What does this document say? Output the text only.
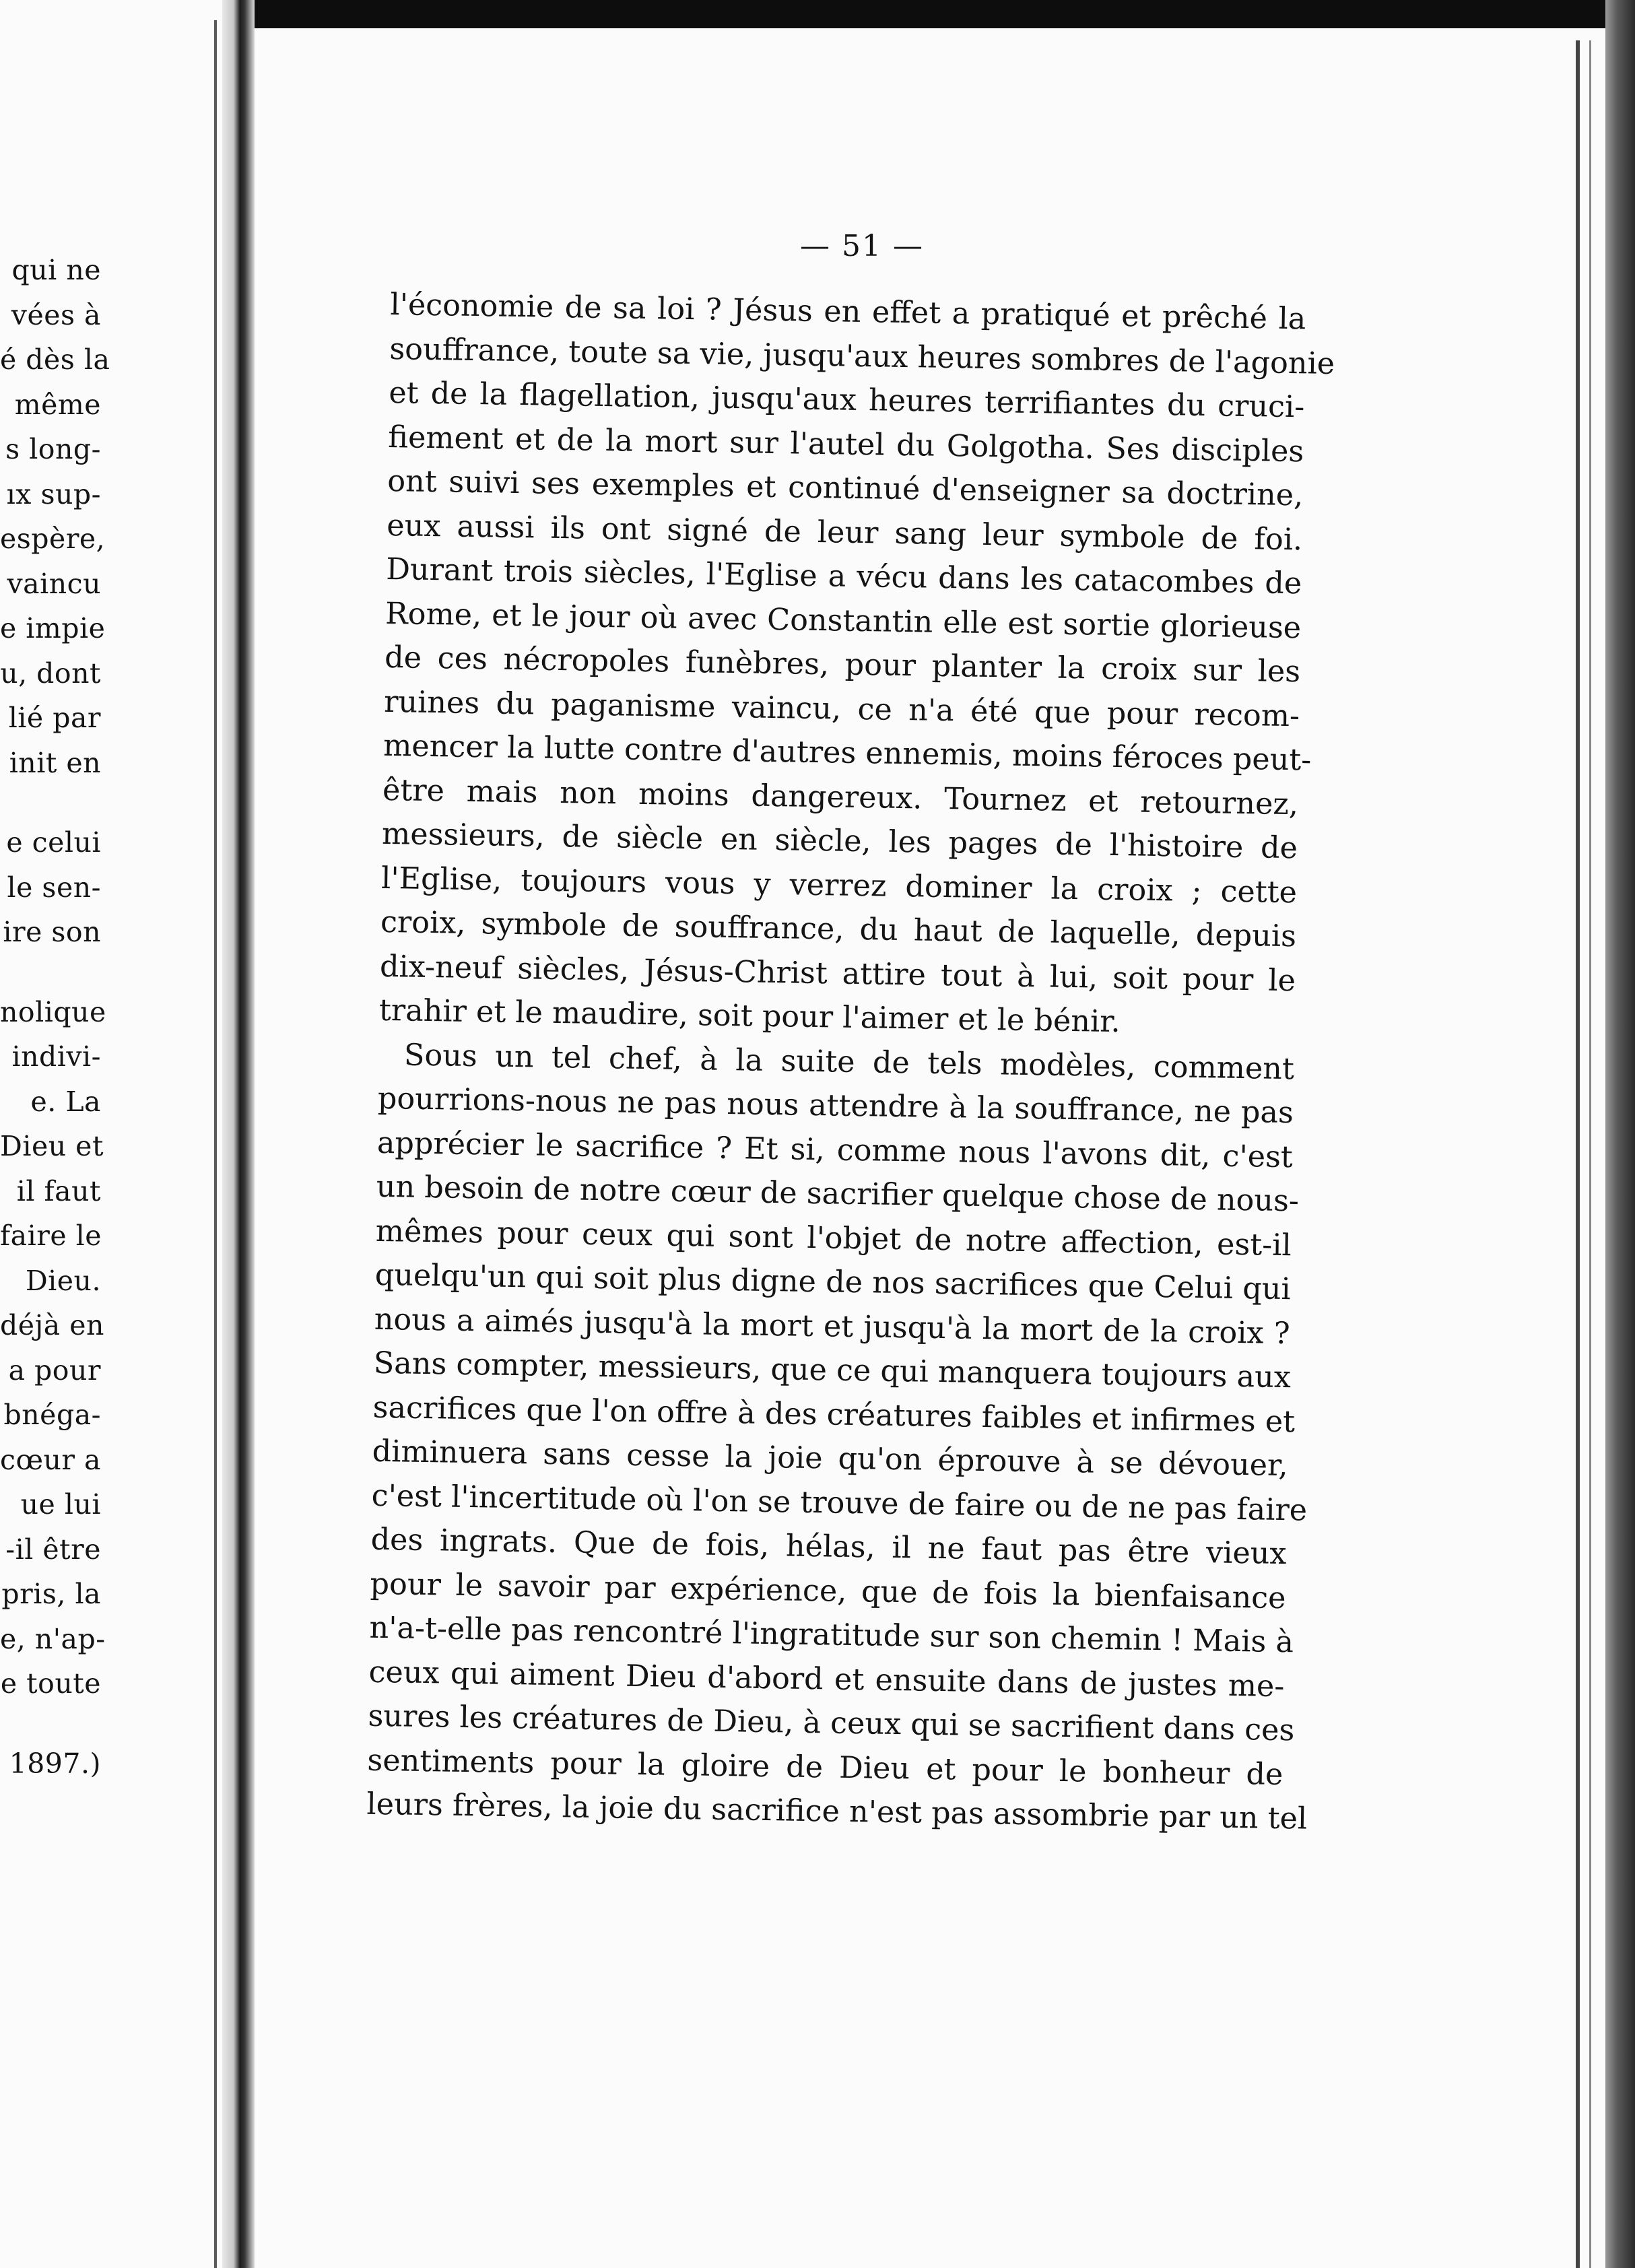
qui ne
vées à
é dès la
même
s long-
ıx sup-
espère,
vaincu
e impie
u, dont
lié par
init en
e celui
le sen-
ire son
nolique
indivi-
e. La
Dieu et
il faut
faire le
Dieu.
déjà en
a pour
bnéga-
cœur a
ue lui
-il être
pris, la
e, n'ap-
e toute
1897.)
— 51 —
l'économie de sa loi ? Jésus en effet a pratiqué et prêché la
souffrance, toute sa vie, jusqu'aux heures sombres de l'agonie
et de la flagellation, jusqu'aux heures terrifiantes du cruci-
fiement et de la mort sur l'autel du Golgotha. Ses disciples
ont suivi ses exemples et continué d'enseigner sa doctrine,
eux aussi ils ont signé de leur sang leur symbole de foi.
Durant trois siècles, l'Eglise a vécu dans les catacombes de
Rome, et le jour où avec Constantin elle est sortie glorieuse
de ces nécropoles funèbres, pour planter la croix sur les
ruines du paganisme vaincu, ce n'a été que pour recom-
mencer la lutte contre d'autres ennemis, moins féroces peut-
être mais non moins dangereux. Tournez et retournez,
messieurs, de siècle en siècle, les pages de l'histoire de
l'Eglise, toujours vous y verrez dominer la croix ; cette
croix, symbole de souffrance, du haut de laquelle, depuis
dix-neuf siècles, Jésus-Christ attire tout à lui, soit pour le
trahir et le maudire, soit pour l'aimer et le bénir.
Sous un tel chef, à la suite de tels modèles, comment
pourrions-nous ne pas nous attendre à la souffrance, ne pas
apprécier le sacrifice ? Et si, comme nous l'avons dit, c'est
un besoin de notre cœur de sacrifier quelque chose de nous-
mêmes pour ceux qui sont l'objet de notre affection, est-il
quelqu'un qui soit plus digne de nos sacrifices que Celui qui
nous a aimés jusqu'à la mort et jusqu'à la mort de la croix ?
Sans compter, messieurs, que ce qui manquera toujours aux
sacrifices que l'on offre à des créatures faibles et infirmes et
diminuera sans cesse la joie qu'on éprouve à se dévouer,
c'est l'incertitude où l'on se trouve de faire ou de ne pas faire
des ingrats. Que de fois, hélas, il ne faut pas être vieux
pour le savoir par expérience, que de fois la bienfaisance
n'a-t-elle pas rencontré l'ingratitude sur son chemin ! Mais à
ceux qui aiment Dieu d'abord et ensuite dans de justes me-
sures les créatures de Dieu, à ceux qui se sacrifient dans ces
sentiments pour la gloire de Dieu et pour le bonheur de
leurs frères, la joie du sacrifice n'est pas assombrie par un tel
